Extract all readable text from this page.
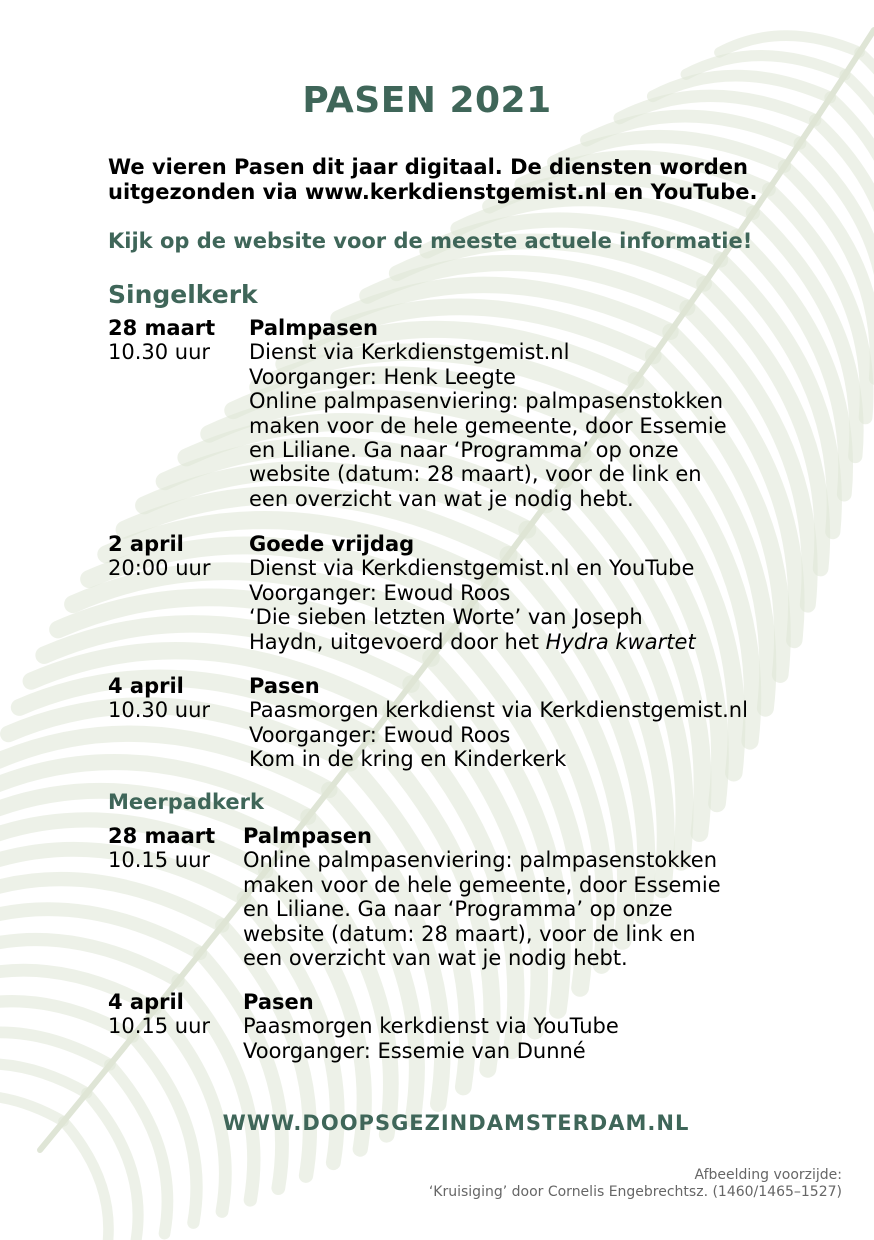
PASEN 2021
We vieren Pasen dit jaar digitaal. De diensten worden
uitgezonden via www.kerkdienstgemist.nl en YouTube.
Kijk op de website voor de meeste actuele informatie!
Singelkerk
28 maart
10.30 uur
Palmpasen
Dienst via Kerkdienstgemist.nl
Voorganger: Henk Leegte
Online palmpasenviering: palmpasenstokken
maken voor de hele gemeente, door Essemie
en Liliane. Ga naar ‘Programma’ op onze
website (datum: 28 maart), voor de link en
een overzicht van wat je nodig hebt.
2 april
20:00 uur
Goede vrijdag
Dienst via Kerkdienstgemist.nl en YouTube
Voorganger: Ewoud Roos
‘Die sieben letzten Worte’ van Joseph
Haydn, uitgevoerd door het Hydra kwartet
4 april
10.30 uur
Pasen
Paasmorgen kerkdienst via Kerkdienstgemist.nl
Voorganger: Ewoud Roos
Kom in de kring en Kinderkerk
Meerpadkerk
28 maart
10.15 uur
Palmpasen
Online palmpasenviering: palmpasenstokken
maken voor de hele gemeente, door Essemie
en Liliane. Ga naar ‘Programma’ op onze
website (datum: 28 maart), voor de link en
een overzicht van wat je nodig hebt.
4 april
10.15 uur
Pasen
Paasmorgen kerkdienst via YouTube
Voorganger: Essemie van Dunné
WWW.DOOPSGEZINDAMSTERDAM.NL
Afbeelding voorzijde:
‘Kruisiging’ door Cornelis Engebrechtsz. (1460/1465–1527)
